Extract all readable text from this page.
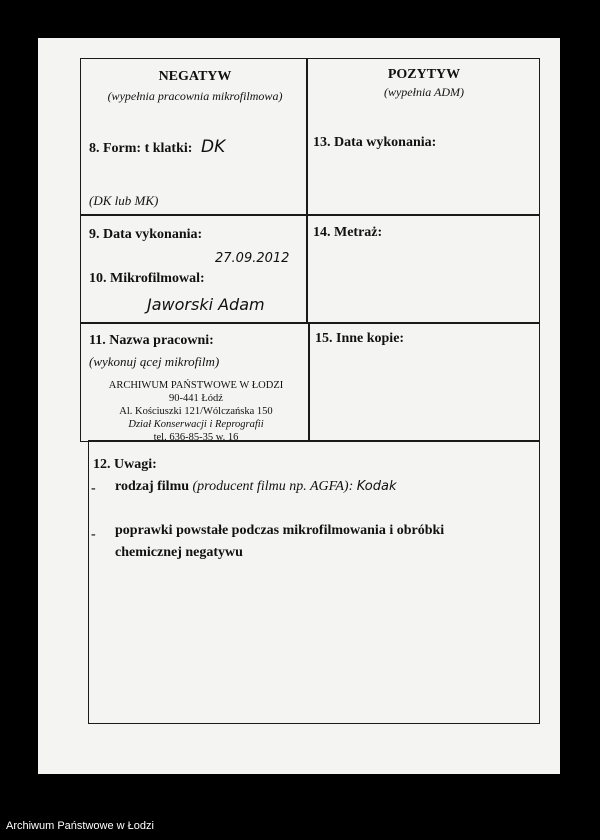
NEGATYW
(wypełnia pracownia mikrofilmowa)
8. Form: t klatki: DK
(DK lub MK)
POZYTYW
(wypełnia ADM)
13. Data wykonania:
9. Data vykonania:
27.09.2012
10. Mikrofilmowal:
Jaworski Adam
14. Metraż:
11. Nazwa pracowni:
(wykonuj ącej mikrofilm)
ARCHIWUM PAŃSTWOWE W ŁODZI
90-441 Łódź
Al. Kościuszki 121/Wólczańska 150
Dział Konserwacji i Reprografii
tel. 636-85-35 w. 16
15. Inne kopie:
12. Uwagi:
- rodzaj filmu (producent filmu np. AGFA): Kodak
- poprawki powstałe podczas mikrofilmowania i obróbki
chemicznej negatywu
Archiwum Państwowe w Łodzi
